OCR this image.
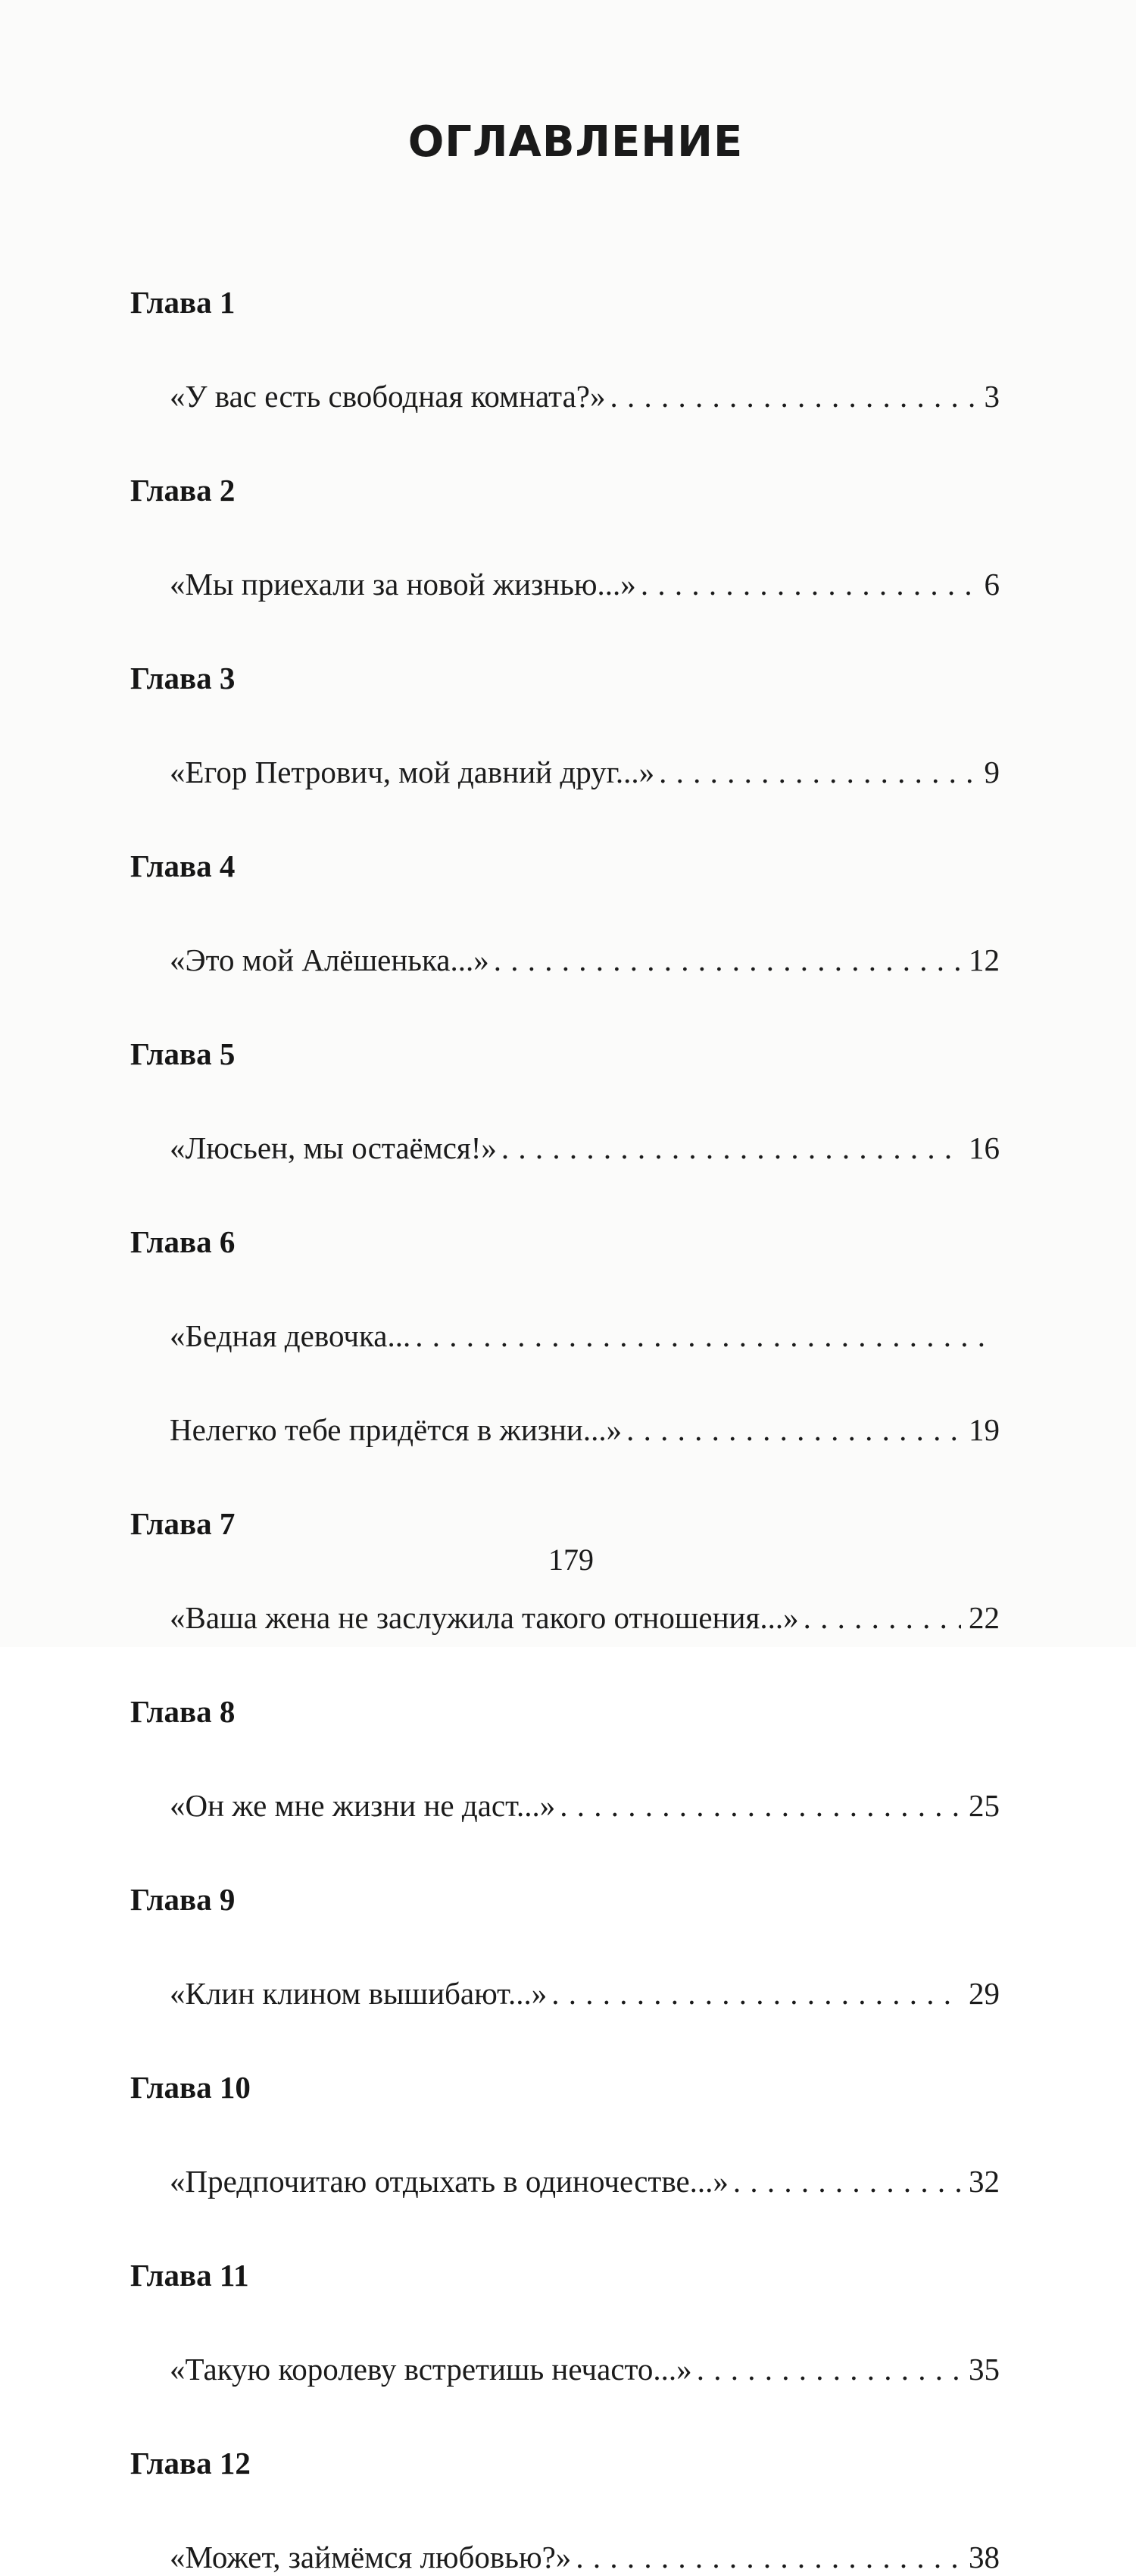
ОГЛАВЛЕНИЕ
Глава 1
«У вас есть свободная комната?» . . .	3
Глава 2
«Мы приехали за новой жизнью...» . . .	6
Глава 3
«Егор Петрович, мой давний друг...» . . .	9
Глава 4
«Это мой Алёшенька...» . . .	12
Глава 5
«Люсьен, мы остаёмся!» . . .	16
Глава 6
«Бедная девочка...
. . .
Нелегко тебе придётся в жизни...» . . .	19
Глава 7
«Ваша жена не заслужила такого отношения...» . . .	22
Глава 8
«Он же мне жизни не даст...» . . .	25
Глава 9
«Клин клином вышибают...» . . .	29
Глава 10
«Предпочитаю отдыхать в одиночестве...» . . .	32
Глава 11
«Такую королеву встретишь нечасто...» . . .	35
Глава 12
«Может, займёмся любовью?» . . .	38
179
